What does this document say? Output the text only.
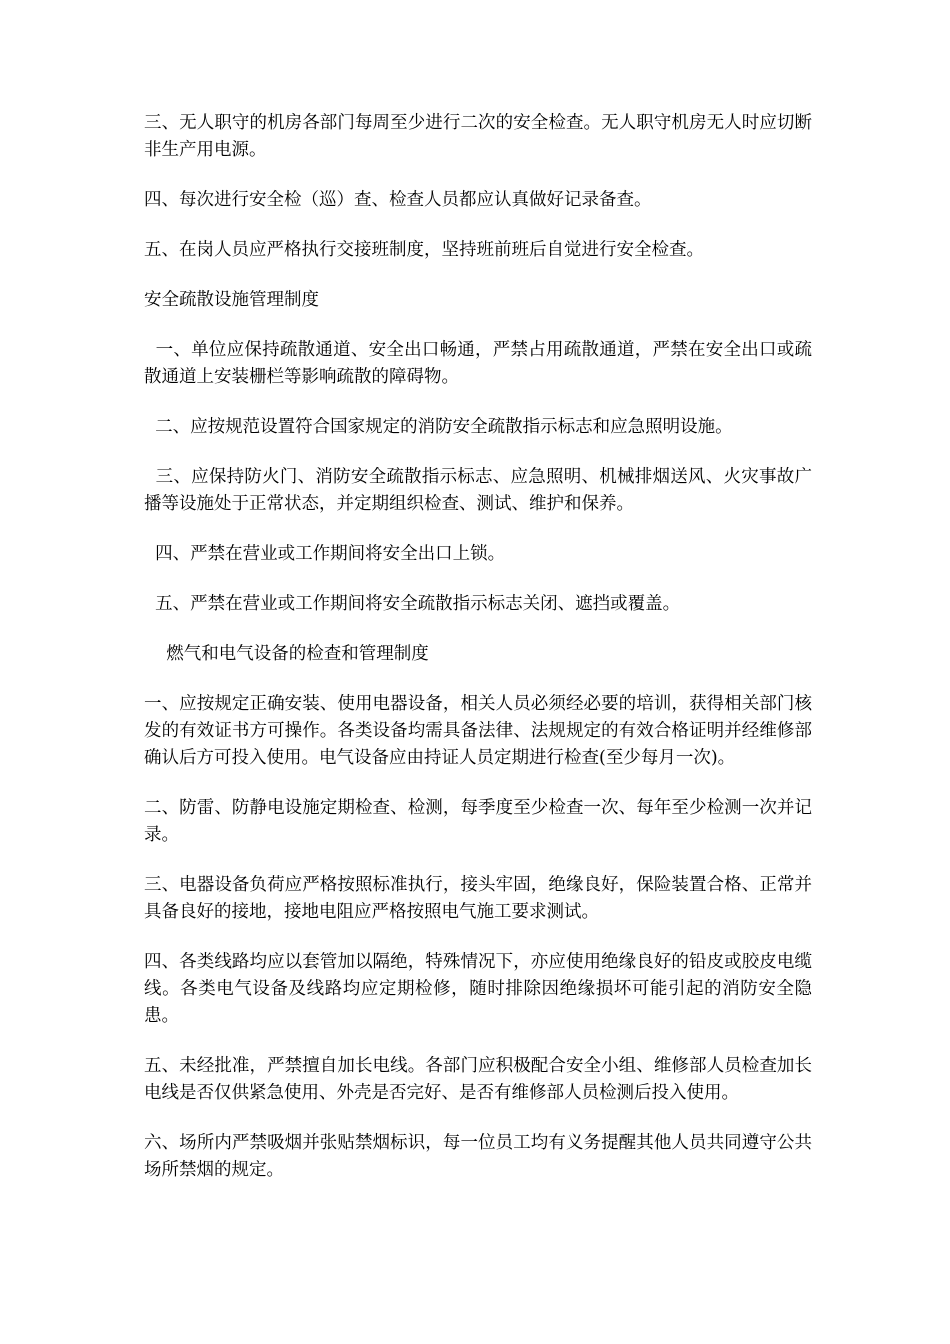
三、无人职守的机房各部门每周至少进行二次的安全检查。无人职守机房无人时应切断非生产用电源。

四、每次进行安全检（巡）查、检查人员都应认真做好记录备查。

五、在岗人员应严格执行交接班制度，坚持班前班后自觉进行安全检查。

安全疏散设施管理制度

一、单位应保持疏散通道、安全出口畅通，严禁占用疏散通道，严禁在安全出口或疏散通道上安装栅栏等影响疏散的障碍物。

二、应按规范设置符合国家规定的消防安全疏散指示标志和应急照明设施。

三、应保持防火门、消防安全疏散指示标志、应急照明、机械排烟送风、火灾事故广播等设施处于正常状态，并定期组织检查、测试、维护和保养。

四、严禁在营业或工作期间将安全出口上锁。

五、严禁在营业或工作期间将安全疏散指示标志关闭、遮挡或覆盖。

燃气和电气设备的检查和管理制度

一、应按规定正确安装、使用电器设备，相关人员必须经必要的培训，获得相关部门核发的有效证书方可操作。各类设备均需具备法律、法规规定的有效合格证明并经维修部确认后方可投入使用。电气设备应由持证人员定期进行检查(至少每月一次)。

二、防雷、防静电设施定期检查、检测，每季度至少检查一次、每年至少检测一次并记录。

三、电器设备负荷应严格按照标准执行，接头牢固，绝缘良好，保险装置合格、正常并具备良好的接地，接地电阻应严格按照电气施工要求测试。

四、各类线路均应以套管加以隔绝，特殊情况下，亦应使用绝缘良好的铅皮或胶皮电缆线。各类电气设备及线路均应定期检修，随时排除因绝缘损坏可能引起的消防安全隐患。

五、未经批准，严禁擅自加长电线。各部门应积极配合安全小组、维修部人员检查加长电线是否仅供紧急使用、外壳是否完好、是否有维修部人员检测后投入使用。

六、场所内严禁吸烟并张贴禁烟标识，每一位员工均有义务提醒其他人员共同遵守公共场所禁烟的规定。
